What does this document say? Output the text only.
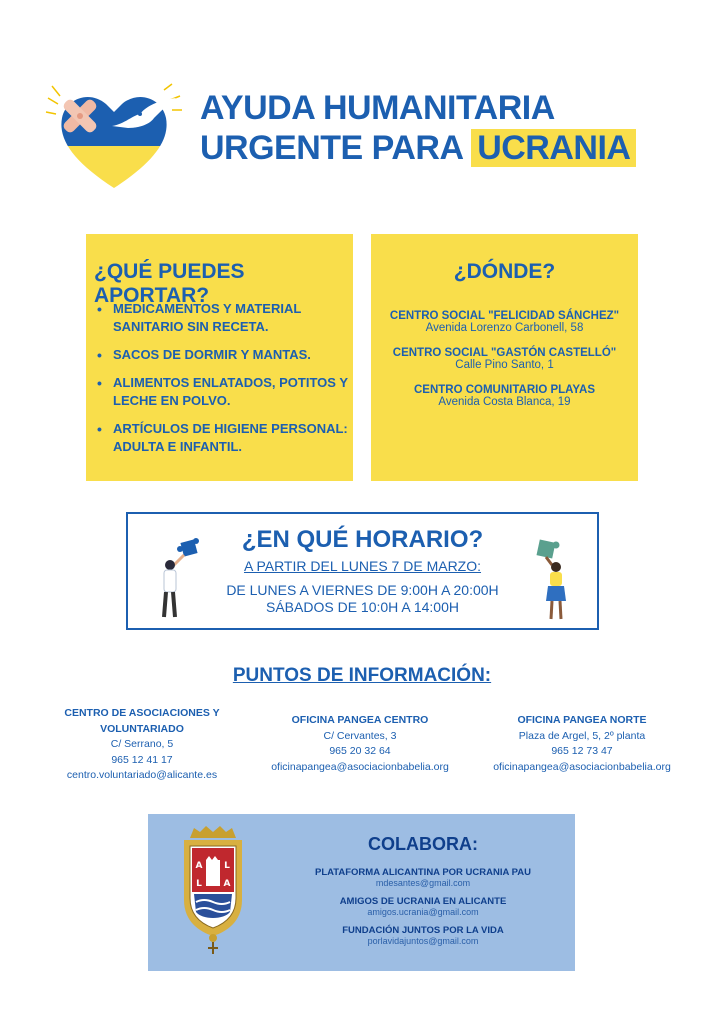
AYUDA HUMANITARIA
URGENTE PARA UCRANIA
¿QUÉ PUEDES APORTAR?
• MEDICAMENTOS Y MATERIAL SANITARIO SIN RECETA.
• SACOS DE DORMIR Y MANTAS.
• ALIMENTOS ENLATADOS, POTITOS Y LECHE EN POLVO.
• ARTÍCULOS DE HIGIENE PERSONAL: ADULTA E INFANTIL.
¿DÓNDE?
CENTRO SOCIAL "FELICIDAD SÁNCHEZ"
Avenida Lorenzo Carbonell, 58
CENTRO SOCIAL "GASTÓN CASTELLÓ"
Calle Pino Santo, 1
CENTRO COMUNITARIO PLAYAS
Avenida Costa Blanca, 19
¿EN QUÉ HORARIO?
A PARTIR DEL LUNES 7 DE MARZO:
DE LUNES A VIERNES DE 9:00H A 20:00H
SÁBADOS DE 10:0H A 14:00H
PUNTOS DE INFORMACIÓN:
CENTRO DE ASOCIACIONES Y VOLUNTARIADO
C/ Serrano, 5
965 12 41 17
centro.voluntariado@alicante.es
OFICINA PANGEA CENTRO
C/ Cervantes, 3
965 20 32 64
oficinapangea@asociacionbabelia.org
OFICINA PANGEA NORTE
Plaza de Argel, 5, 2º planta
965 12 73 47
oficinapangea@asociacionbabelia.org
COLABORA:
PLATAFORMA ALICANTINA POR UCRANIA PAU
mdesantes@gmail.com
AMIGOS DE UCRANIA EN ALICANTE
amigos.ucrania@gmail.com
FUNDACIÓN JUNTOS POR LA VIDA
porlavidajuntos@gmail.com
A L
L A
